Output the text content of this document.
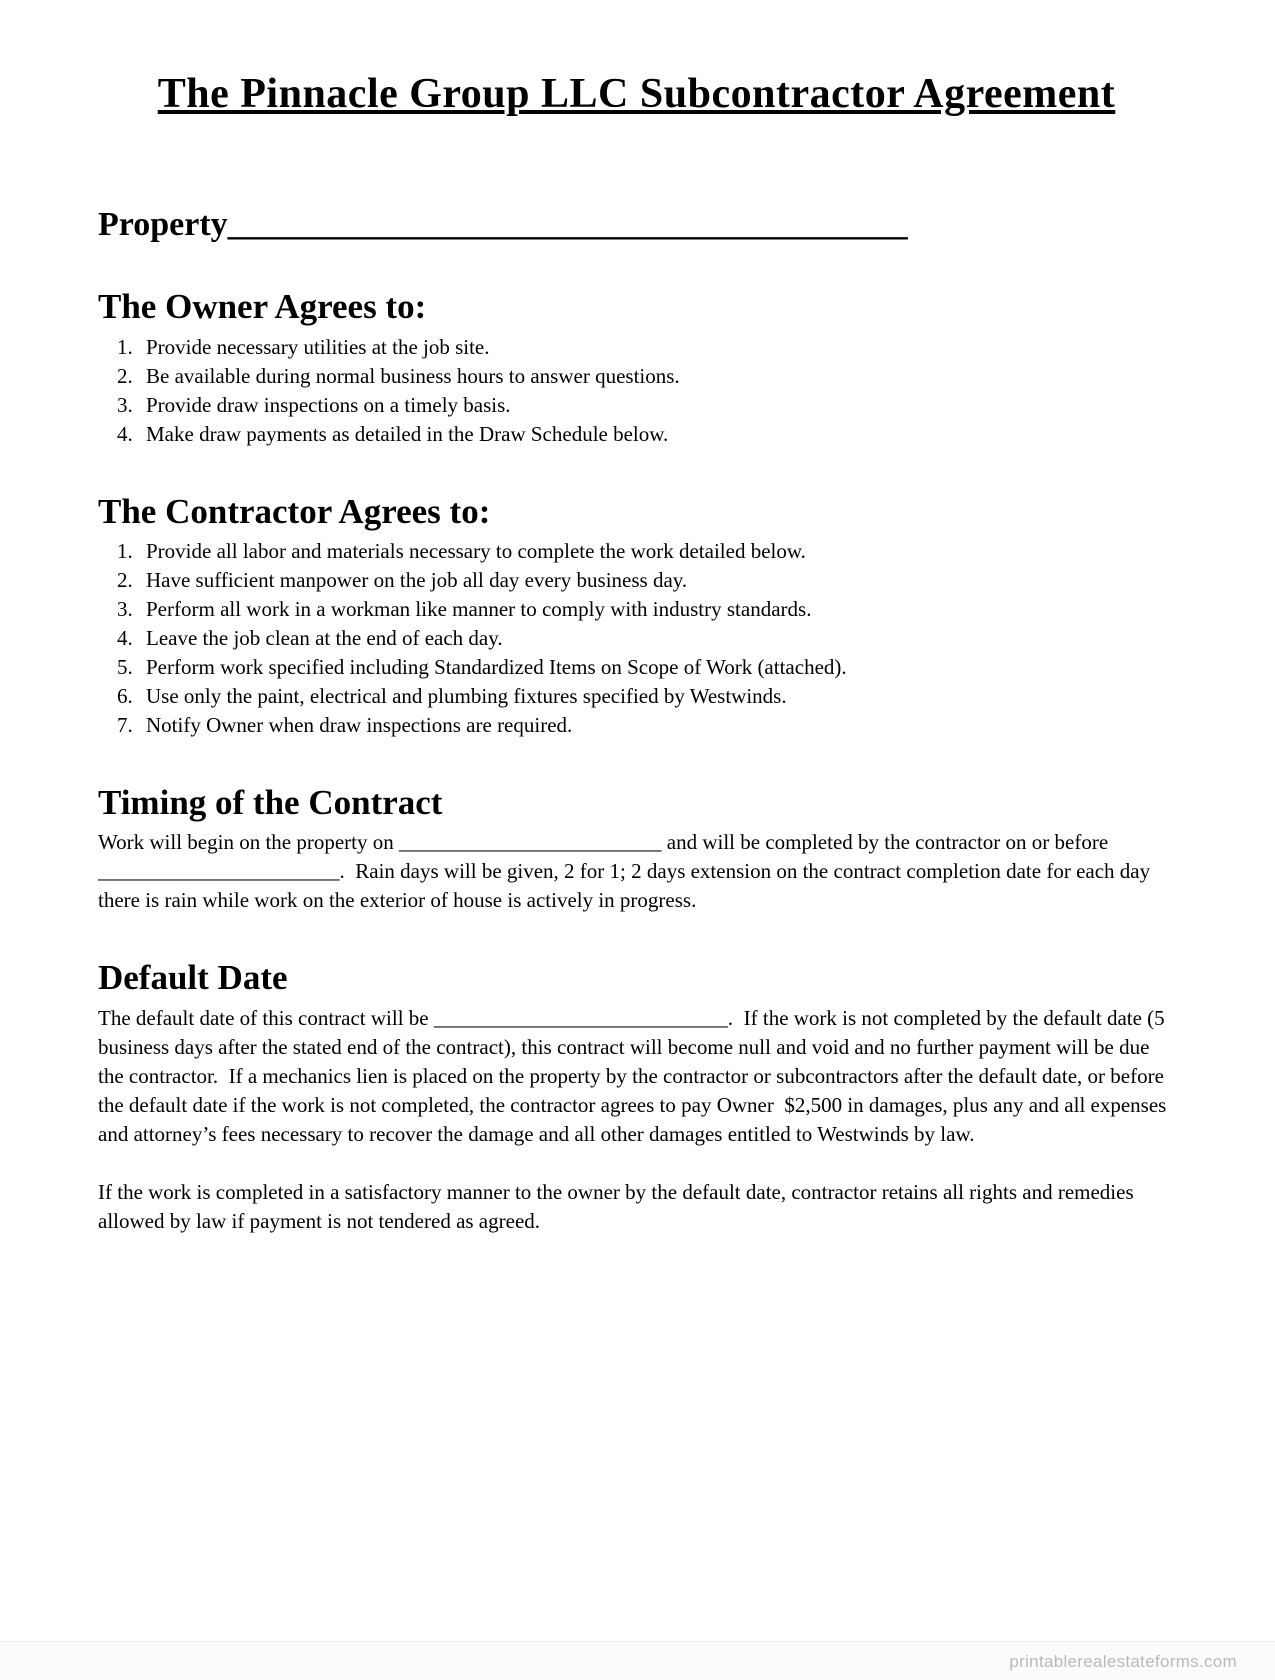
The Pinnacle Group LLC Subcontractor Agreement
Property________________________________________
The Owner Agrees to:
1. Provide necessary utilities at the job site.
2. Be available during normal business hours to answer questions.
3. Provide draw inspections on a timely basis.
4. Make draw payments as detailed in the Draw Schedule below.
The Contractor Agrees to:
1. Provide all labor and materials necessary to complete the work detailed below.
2. Have sufficient manpower on the job all day every business day.
3. Perform all work in a workman like manner to comply with industry standards.
4. Leave the job clean at the end of each day.
5. Perform work specified including Standardized Items on Scope of Work (attached).
6. Use only the paint, electrical and plumbing fixtures specified by Westwinds.
7. Notify Owner when draw inspections are required.
Timing of the Contract

Work will begin on the property on _________________________ and will be completed by the contractor on or before _______________________.  Rain days will be given, 2 for 1; 2 days extension on the contract completion date for each day there is rain while work on the exterior of house is actively in progress.

Default Date

The default date of this contract will be ____________________________.  If the work is not completed by the default date (5 business days after the stated end of the contract), this contract will become null and void and no further payment will be due the contractor.  If a mechanics lien is placed on the property by the contractor or subcontractors after the default date, or before the default date if the work is not completed, the contractor agrees to pay Owner  $2,500 in damages, plus any and all expenses and attorney’s fees necessary to recover the damage and all other damages entitled to Westwinds by law.

If the work is completed in a satisfactory manner to the owner by the default date, contractor retains all rights and remedies allowed by law if payment is not tendered as agreed.

printablerealestateforms.com
